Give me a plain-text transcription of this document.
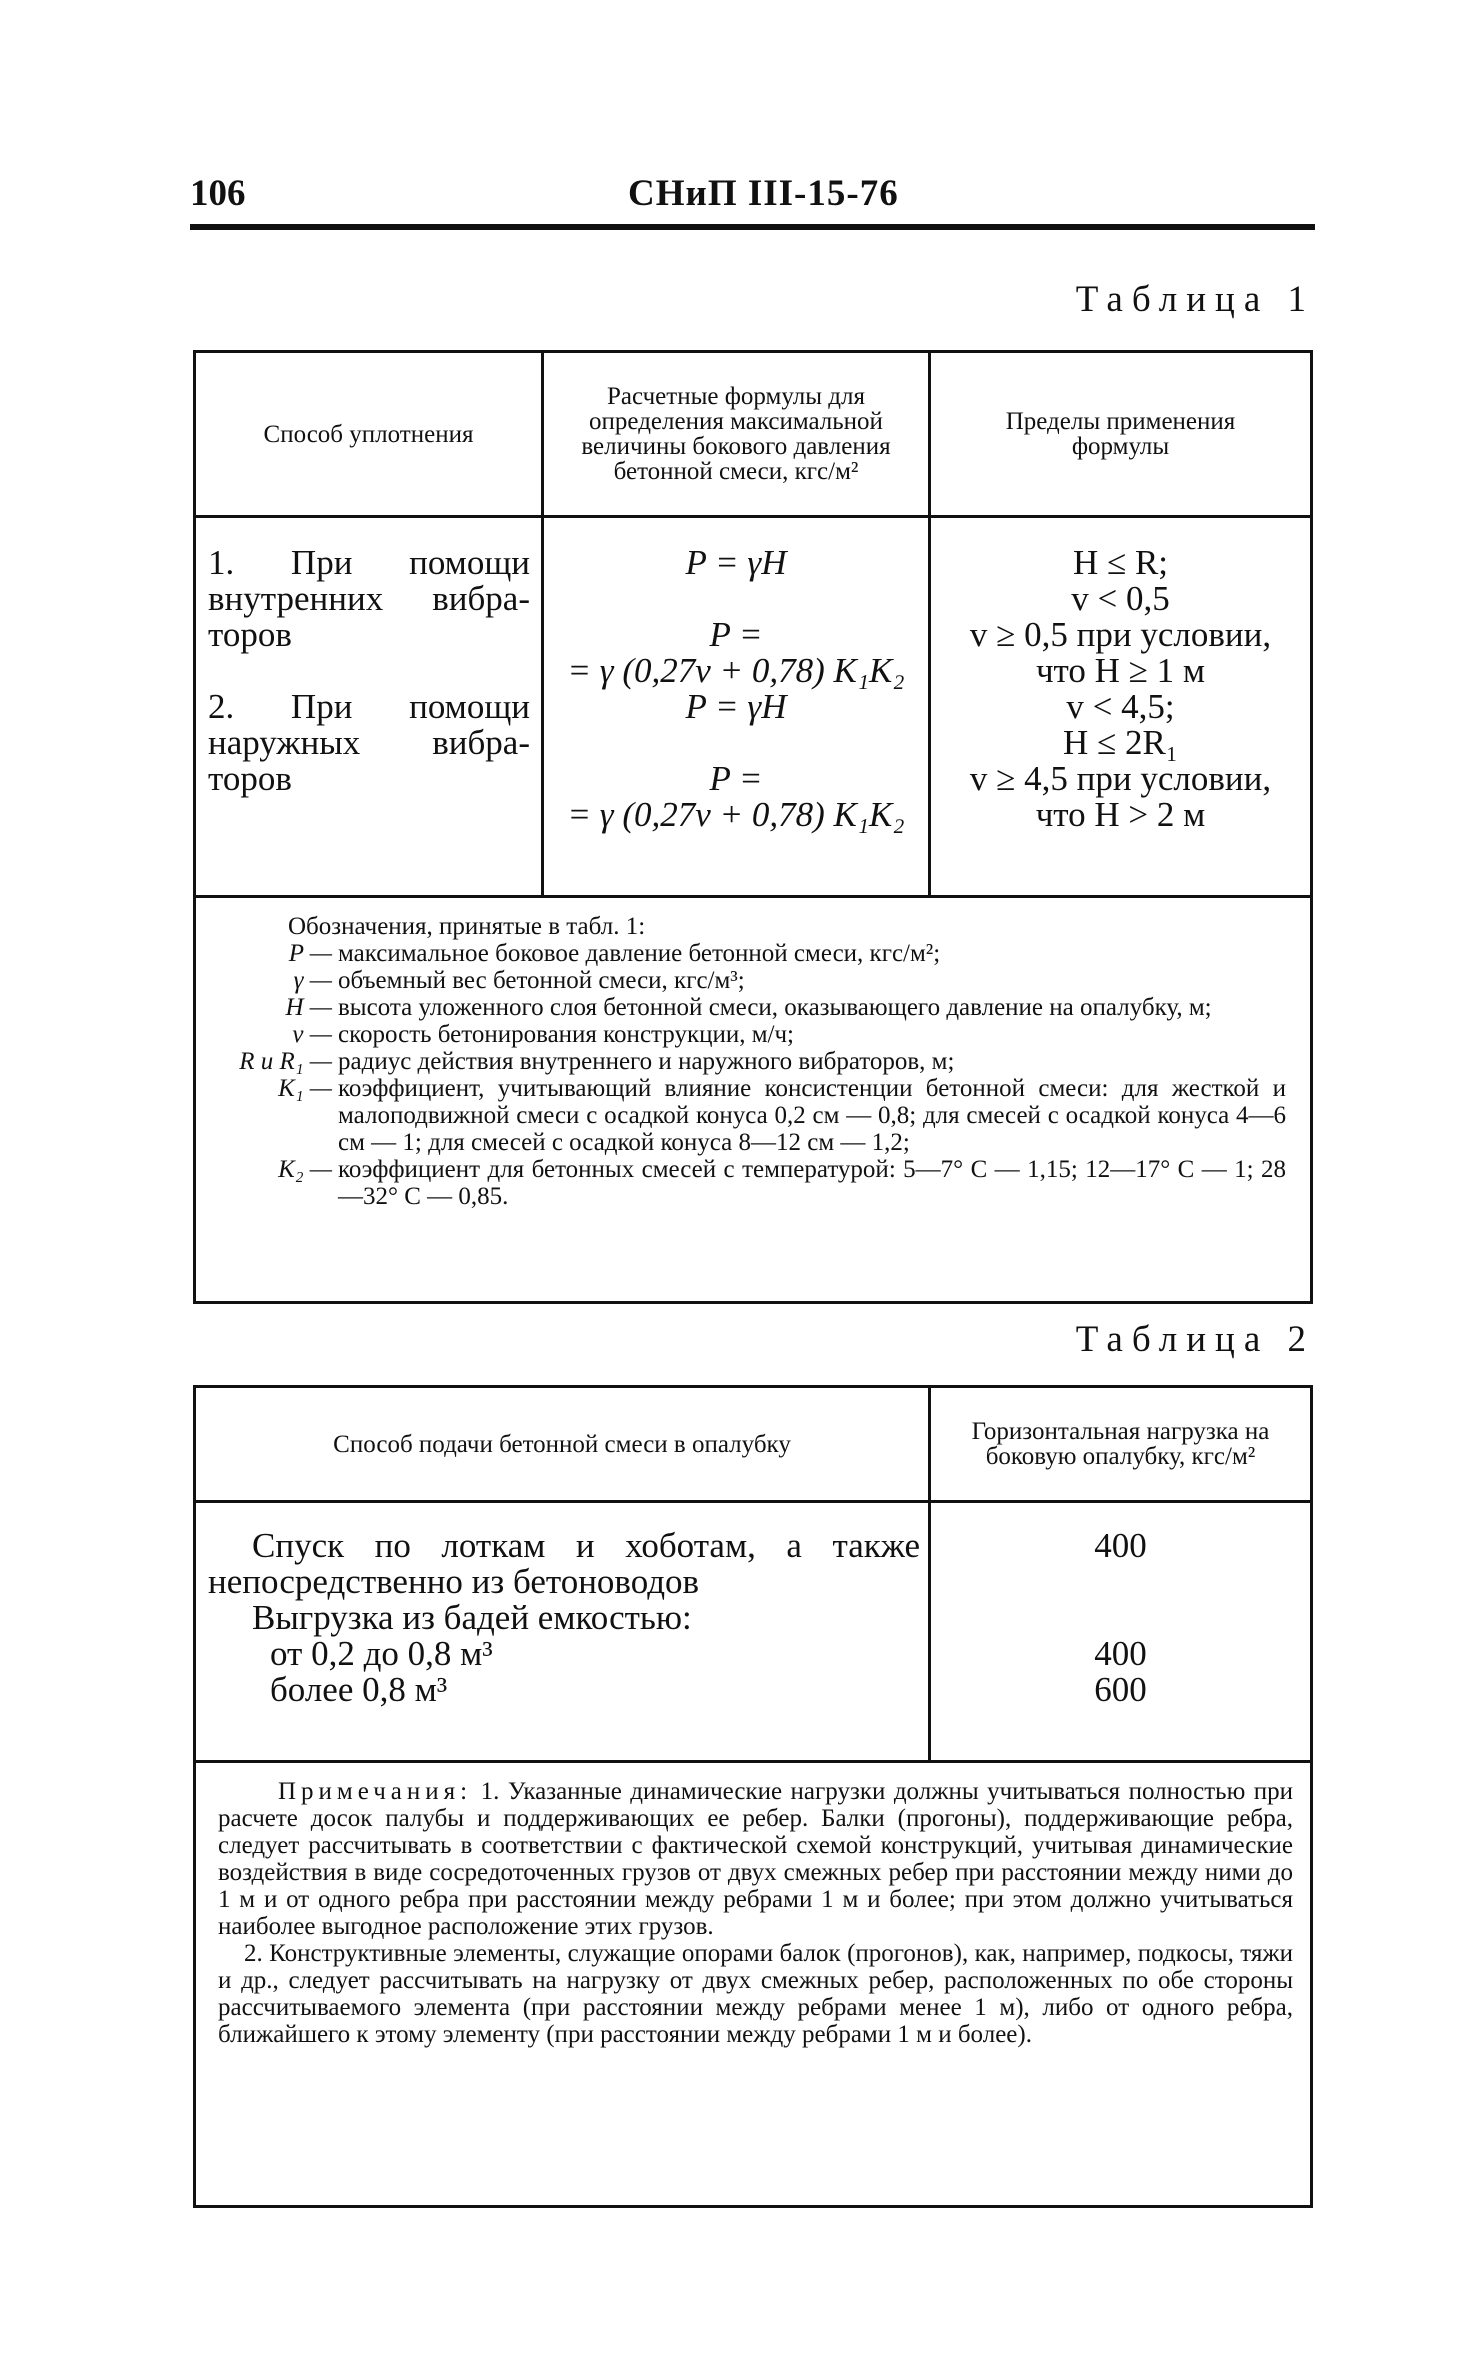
106	СНиП III-15-76
Таблица 1
Способ уплотнения
Расчетные формулы для определения максимальной величины бокового давления бетонной смеси, кгс/м²
Пределы применения формулы
1. При помощи
внутренних вибра-
торов
2. При помощи
наружных вибра-
торов
P = γH
P =
= γ (0,27v + 0,78) K₁K₂
P = γH
P =
= γ (0,27v + 0,78) K₁K₂
H ≤ R;
v < 0,5
v ≥ 0,5 при условии,
что H ≥ 1 м
v < 4,5;
H ≤ 2R₁
v ≥ 4,5 при условии,
что H > 2 м
Обозначения, принятые в табл. 1:
P — максимальное боковое давление бетонной смеси, кгс/м²;
γ — объемный вес бетонной смеси, кгс/м³;
H — высота уложенного слоя бетонной смеси, оказывающего давление на опалубку, м;
v — скорость бетонирования конструкции, м/ч;
R и R₁ — радиус действия внутреннего и наружного вибраторов, м;
K₁ — коэффициент, учитывающий влияние консистенции бетонной смеси: для жесткой и малоподвижной смеси с осадкой конуса 0,2 см — 0,8; для смесей с осадкой конуса 4—6 см — 1; для смесей с осадкой конуса 8—12 см — 1,2;
K₂ — коэффициент для бетонных смесей с температурой: 5—7° С — 1,15; 12—17° С — 1; 28—32° С — 0,85.
Таблица 2
Способ подачи бетонной смеси в опалубку	Горизонтальная нагрузка на боковую опалубку, кгс/м²
Спуск по лоткам и хоботам, а также
непосредственно из бетоноводов
Выгрузка из бадей емкостью:
от 0,2 до 0,8 м³
более 0,8 м³
400
400
600

Примечания: 1. Указанные динамические нагрузки должны учитываться полностью при расчете досок палубы и поддерживающих ее ребер. Балки (прогоны), поддерживающие ребра, следует рассчитывать в соответствии с фактической схемой конструкций, учитывая динамические воздействия в виде сосредоточенных грузов от двух смежных ребер при расстоянии между ними до 1 м и от одного ребра при расстоянии между ребрами 1 м и более; при этом должно учитываться наиболее выгодное расположение этих грузов.

2. Конструктивные элементы, служащие опорами балок (прогонов), как, например, подкосы, тяжи и др., следует рассчитывать на нагрузку от двух смежных ребер, расположенных по обе стороны рассчитываемого элемента (при расстоянии между ребрами менее 1 м), либо от одного ребра, ближайшего к этому элементу (при расстоянии между ребрами 1 м и более).
